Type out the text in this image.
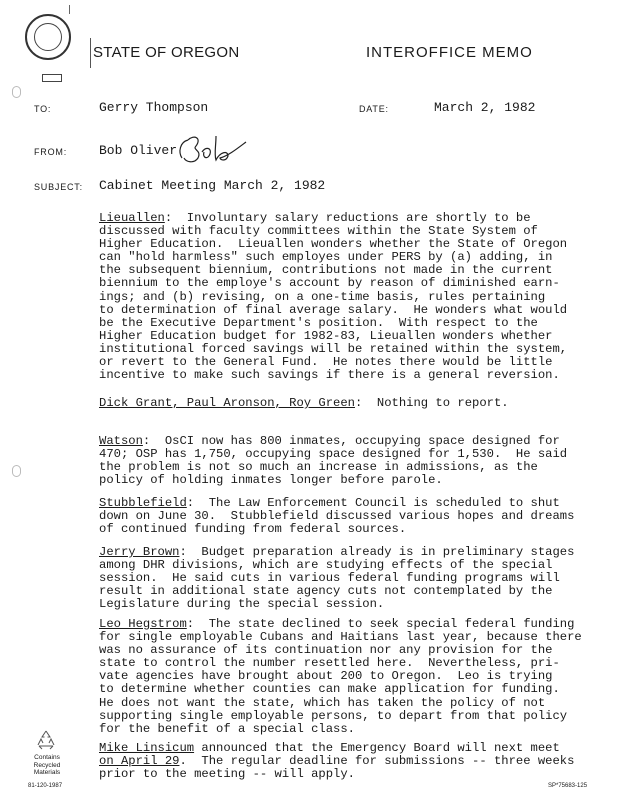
STATE OF OREGON	INTEROFFICE MEMO
TO:	Gerry Thompson	DATE:	March 2, 1982
FROM: Bob Oliver
SUBJECT: Cabinet Meeting March 2, 1982

Lieuallen:  Involuntary salary reductions are shortly to be

discussed with faculty committees within the State System of

Higher Education.  Lieuallen wonders whether the State of Oregon

can "hold harmless" such employes under PERS by (a) adding, in

the subsequent biennium, contributions not made in the current

biennium to the employe's account by reason of diminished earn-

ings; and (b) revising, on a one-time basis, rules pertaining

to determination of final average salary.  He wonders what would

be the Executive Department's position.  With respect to the

Higher Education budget for 1982-83, Lieuallen wonders whether

institutional forced savings will be retained within the system,

or revert to the General Fund.  He notes there would be little

incentive to make such savings if there is a general reversion.

Dick Grant, Paul Aronson, Roy Green:  Nothing to report.

Watson:  OsCI now has 800 inmates, occupying space designed for

470; OSP has 1,750, occupying space designed for 1,530.  He said

the problem is not so much an increase in admissions, as the

policy of holding inmates longer before parole.

Stubblefield:  The Law Enforcement Council is scheduled to shut

down on June 30.  Stubblefield discussed various hopes and dreams

of continued funding from federal sources.

Jerry Brown:  Budget preparation already is in preliminary stages

among DHR divisions, which are studying effects of the special

session.  He said cuts in various federal funding programs will

result in additional state agency cuts not contemplated by the

Legislature during the special session.

Leo Hegstrom:  The state declined to seek special federal funding

for single employable Cubans and Haitians last year, because there

was no assurance of its continuation nor any provision for the

state to control the number resettled here.  Nevertheless, pri-

vate agencies have brought about 200 to Oregon.  Leo is trying

to determine whether counties can make application for funding.

He does not want the state, which has taken the policy of not

supporting single employable persons, to depart from that policy

for the benefit of a special class.

Mike Linsicum announced that the Emergency Board will next meet

on April 29.  The regular deadline for submissions -- three weeks

prior to the meeting -- will apply.

Contains
Recycled
Materials
81-120-1987	SP*75683-125
